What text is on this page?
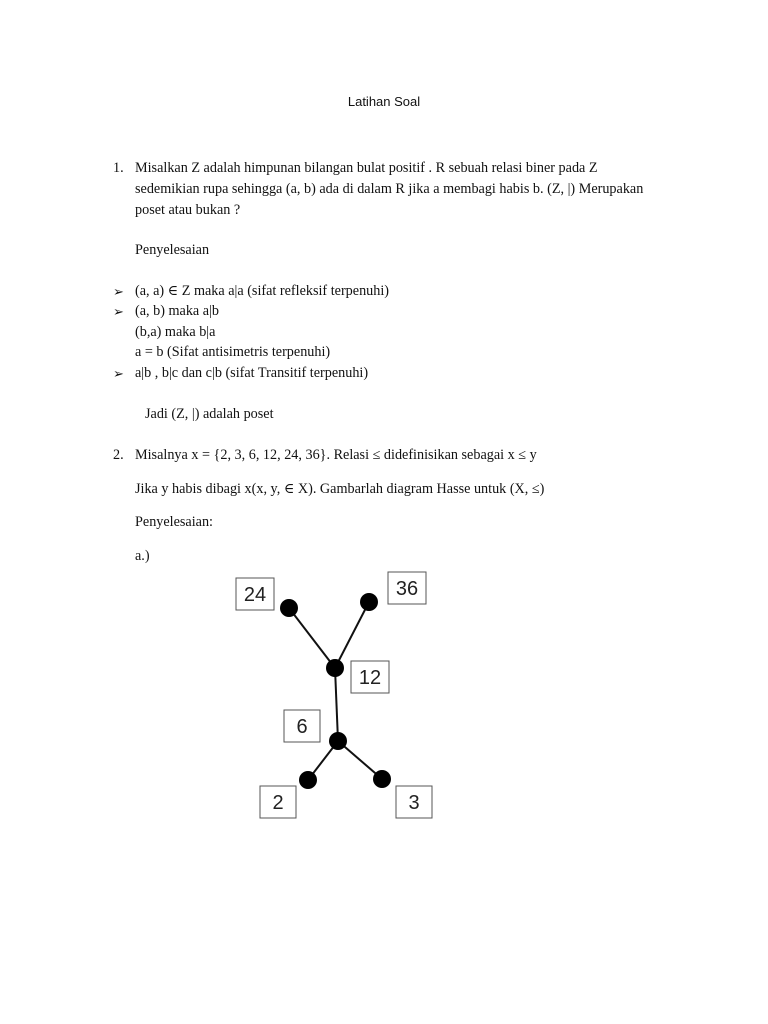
Latihan Soal
1. Misalkan Z adalah himpunan bilangan bulat positif . R sebuah relasi biner pada Z
sedemikian rupa sehingga (a, b) ada di dalam R jika a membagi habis b. (Z, |) Merupakan
poset atau bukan ?
Penyelesaian
➢ (a, a) ∈ Z maka a|a (sifat refleksif terpenuhi)
➢ (a, b) maka a|b
(b,a) maka b|a
a = b (Sifat antisimetris terpenuhi)
➢ a|b , b|c dan c|b (sifat Transitif terpenuhi)
Jadi (Z, |) adalah poset
2. Misalnya x = {2, 3, 6, 12, 24, 36}. Relasi ≤ didefinisikan sebagai x ≤ y
Jika y habis dibagi x(x, y, ∈ X). Gambarlah diagram Hasse untuk (X, ≤)
Penyelesaian:
a.)
24	36
12
6
2	3
